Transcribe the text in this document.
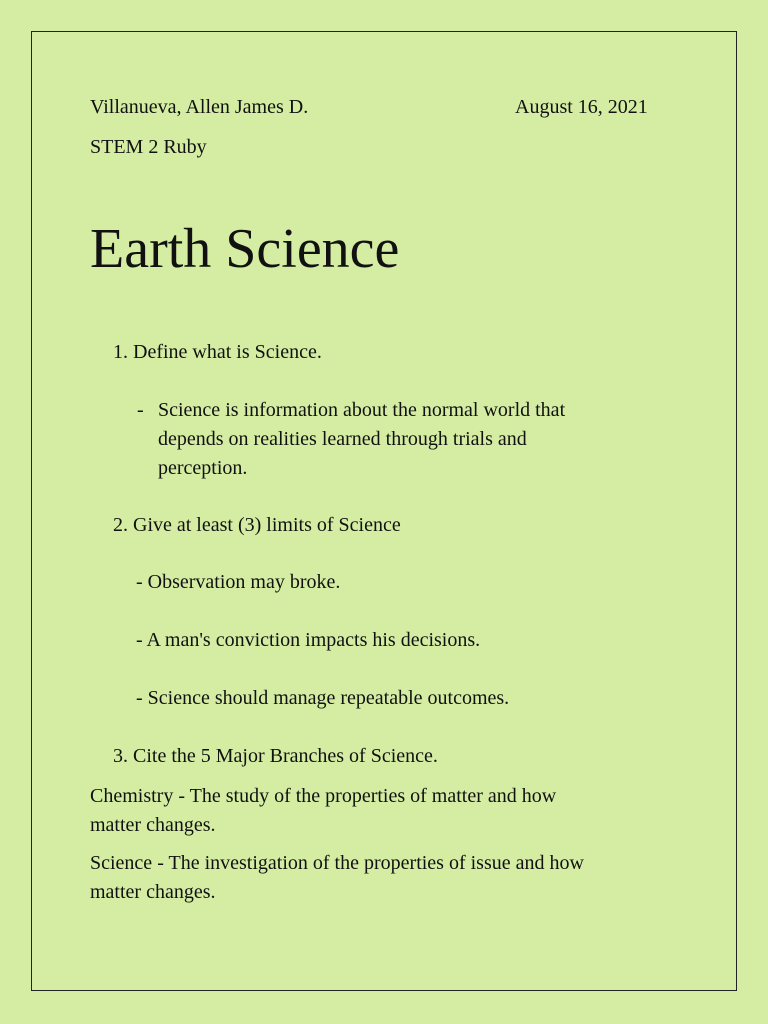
Villanueva, Allen James D.	August 16, 2021

STEM 2 Ruby

Earth Science

1. Define what is Science.

- Science is information about the normal world that

depends on realities learned through trials and

perception.

2. Give at least (3) limits of Science

- Observation may broke.

- A man's conviction impacts his decisions.

- Science should manage repeatable outcomes.

3. Cite the 5 Major Branches of Science.

Chemistry - The study of the properties of matter and how

matter changes.

Science - The investigation of the properties of issue and how

matter changes.
